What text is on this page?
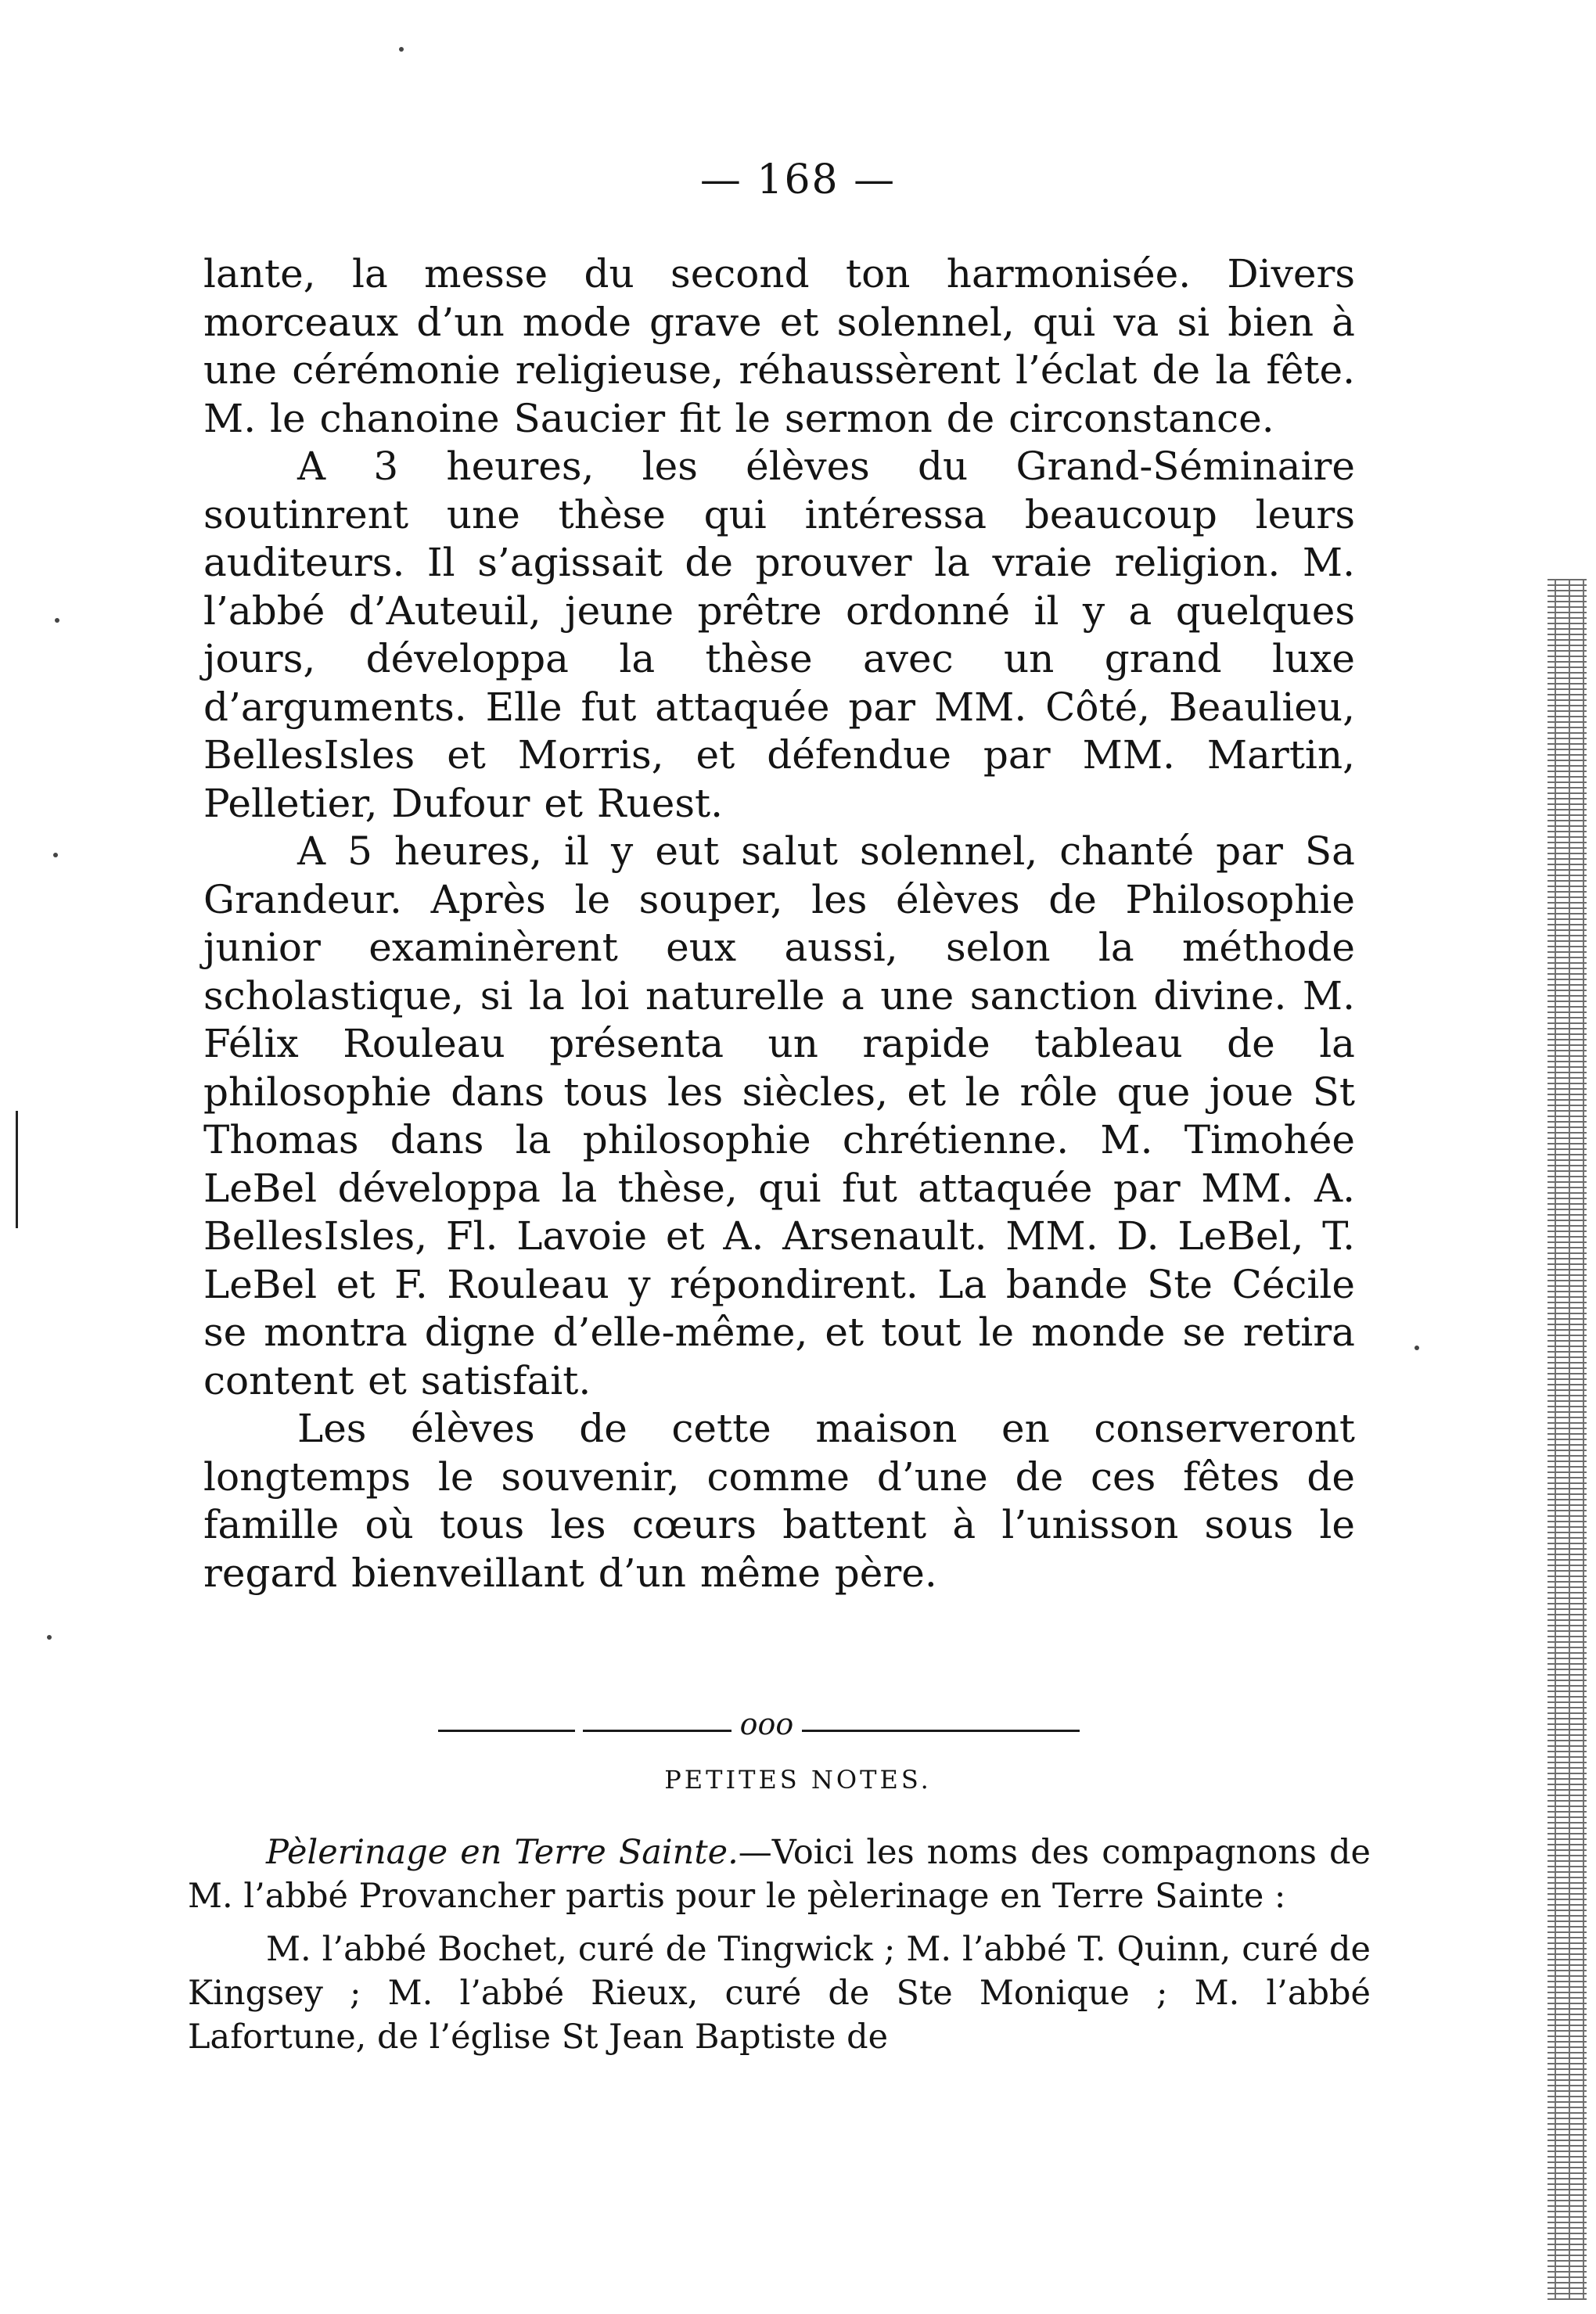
— 168 —

lante, la messe du second ton harmonisée. Divers morceaux d’un mode grave et solennel, qui va si bien à une cérémonie religieuse, réhaussèrent l’éclat de la fête. M. le chanoine Saucier fit le sermon de circonstance.

A 3 heures, les élèves du Grand-Séminaire soutinrent une thèse qui intéressa beaucoup leurs auditeurs. Il s’agissait de prouver la vraie religion. M. l’abbé d’Auteuil, jeune prêtre ordonné il y a quelques jours, développa la thèse avec un grand luxe d’arguments. Elle fut attaquée par MM. Côté, Beaulieu, BellesIsles et Morris, et défendue par MM. Martin, Pelletier, Dufour et Ruest.

A 5 heures, il y eut salut solennel, chanté par Sa Grandeur. Après le souper, les élèves de Philosophie junior examinèrent eux aussi, selon la méthode scholastique, si la loi naturelle a une sanction divine. M. Félix Rouleau présenta un rapide tableau de la philosophie dans tous les siècles, et le rôle que joue St Thomas dans la philosophie chrétienne. M. Timohée LeBel développa la thèse, qui fut attaquée par MM. A. BellesIsles, Fl. Lavoie et A. Arsenault. MM. D. LeBel, T. LeBel et F. Rouleau y répondirent. La bande Ste Cécile se montra digne d’elle-même, et tout le monde se retira content et satisfait.

Les élèves de cette maison en conserveront longtemps le souvenir, comme d’une de ces fêtes de famille où tous les cœurs battent à l’unisson sous le regard bienveillant d’un même père.

ooo
PETITES NOTES.

Pèlerinage en Terre Sainte.—Voici les noms des compagnons de M. l’abbé Provancher partis pour le pèlerinage en Terre Sainte :

M. l’abbé Bochet, curé de Tingwick ; M. l’abbé T. Quinn, curé de Kingsey ; M. l’abbé Rieux, curé de Ste Monique ; M. l’abbé Lafortune, de l’église St Jean Baptiste de
